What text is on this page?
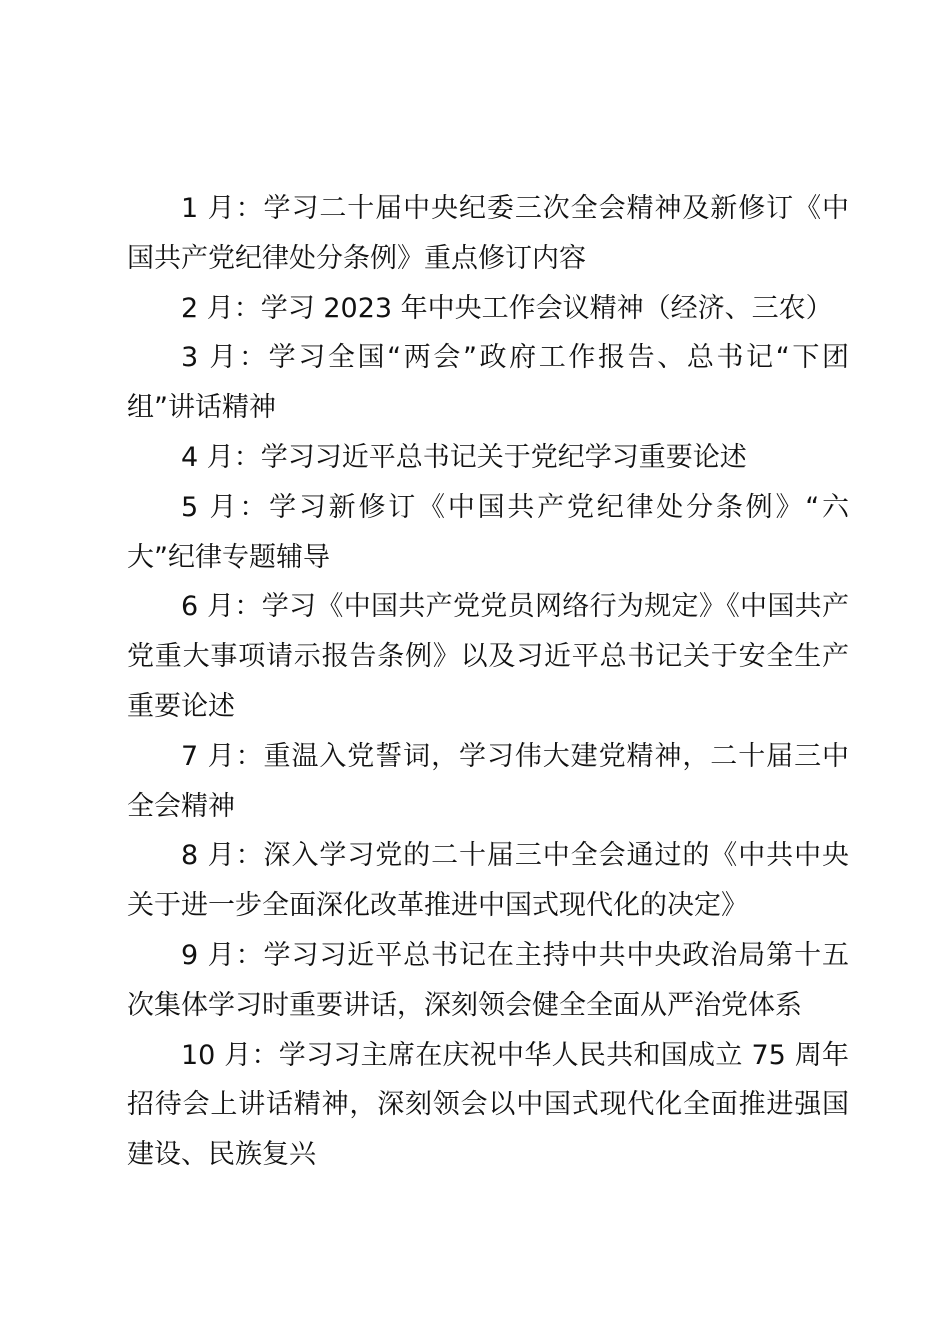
1 月：学习二十届中央纪委三次全会精神及新修订《中国共产党纪律处分条例》重点修订内容

2 月：学习 2023 年中央工作会议精神（经济、三农）

3 月：学习全国“两会”政府工作报告、总书记“下团组”讲话精神

4 月：学习习近平总书记关于党纪学习重要论述

5 月：学习新修订《中国共产党纪律处分条例》“六大”纪律专题辅导

6 月：学习《中国共产党党员网络行为规定》《中国共产党重大事项请示报告条例》以及习近平总书记关于安全生产重要论述

7 月：重温入党誓词，学习伟大建党精神，二十届三中全会精神

8 月：深入学习党的二十届三中全会通过的《中共中央关于进一步全面深化改革推进中国式现代化的决定》

9 月：学习习近平总书记在主持中共中央政治局第十五次集体学习时重要讲话，深刻领会健全全面从严治党体系

10 月：学习习主席在庆祝中华人民共和国成立 75 周年招待会上讲话精神，深刻领会以中国式现代化全面推进强国建设、民族复兴
